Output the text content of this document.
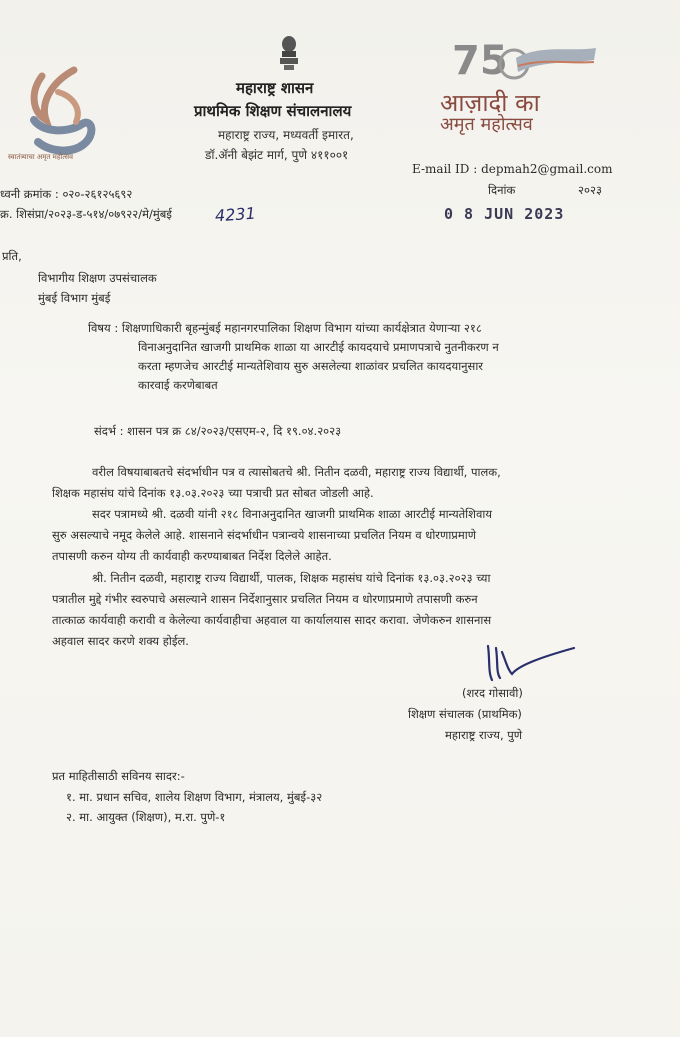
स्वातंत्र्याचा अमृत महोत्सव
महाराष्ट्र शासन
प्राथमिक शिक्षण संचालनालय
महाराष्ट्र राज्य, मध्यवर्ती इमारत,
डॉ.ॲनी बेझंट मार्ग, पुणे ४११००१
75
आज़ादी का
अमृत महोत्सव
E-mail ID : depmah2@gmail.com
ध्वनी क्रमांक : ०२०-२६१२५६९२	दिनांक	२०२३
क्र. शिसंप्रा/२०२३-ड-५१४/०७९२२/मे/मुंबई	4231	0 8 JUN 2023
प्रति,
विभागीय शिक्षण उपसंचालक
मुंबई विभाग मुंबई
विषय : शिक्षणाधिकारी बृहन्मुंबई महानगरपालिका शिक्षण विभाग यांच्या कार्यक्षेत्रात येणाऱ्या २१८
विनाअनुदानित खाजगी प्राथमिक शाळा या आरटीई कायदयाचे प्रमाणपत्राचे नुतनीकरण न
करता म्हणजेच आरटीई मान्यतेशिवाय सुरु असलेल्या शाळांवर प्रचलित कायदयानुसार
कारवाई करणेबाबत
संदर्भ : शासन पत्र क्र ८४/२०२३/एसएम-२, दि १९.०४.२०२३
वरील विषयाबाबतचे संदर्भाधीन पत्र व त्यासोबतचे श्री. नितीन दळवी, महाराष्ट्र राज्य विद्यार्थी, पालक,
शिक्षक महासंघ यांचे दिनांक १३.०३.२०२३ च्या पत्राची प्रत सोबत जोडली आहे.
सदर पत्रामध्ये श्री. दळवी यांनी २१८ विनाअनुदानित खाजगी प्राथमिक शाळा आरटीई मान्यतेशिवाय
सुरु असल्याचे नमूद केलेले आहे. शासनाने संदर्भाधीन पत्रान्वये शासनाच्या प्रचलित नियम व धोरणाप्रमाणे
तपासणी करुन योग्य ती कार्यवाही करण्याबाबत निर्देश दिलेले आहेत.
श्री. नितीन दळवी, महाराष्ट्र राज्य विद्यार्थी, पालक, शिक्षक महासंघ यांचे दिनांक १३.०३.२०२३ च्या
पत्रातील मुद्दे गंभीर स्वरुपाचे असल्याने शासन निर्देशानुसार प्रचलित नियम व धोरणाप्रमाणे तपासणी करुन
तात्काळ कार्यवाही करावी व केलेल्या कार्यवाहीचा अहवाल या कार्यालयास सादर करावा. जेणेकरुन शासनास
अहवाल सादर करणे शक्य होईल.
(शरद गोसावी)
शिक्षण संचालक (प्राथमिक)
महाराष्ट्र राज्य, पुणे
प्रत माहितीसाठी सविनय सादर:-
१. मा. प्रधान सचिव, शालेय शिक्षण विभाग, मंत्रालय, मुंबई-३२
२. मा. आयुक्त (शिक्षण), म.रा. पुणे-१
